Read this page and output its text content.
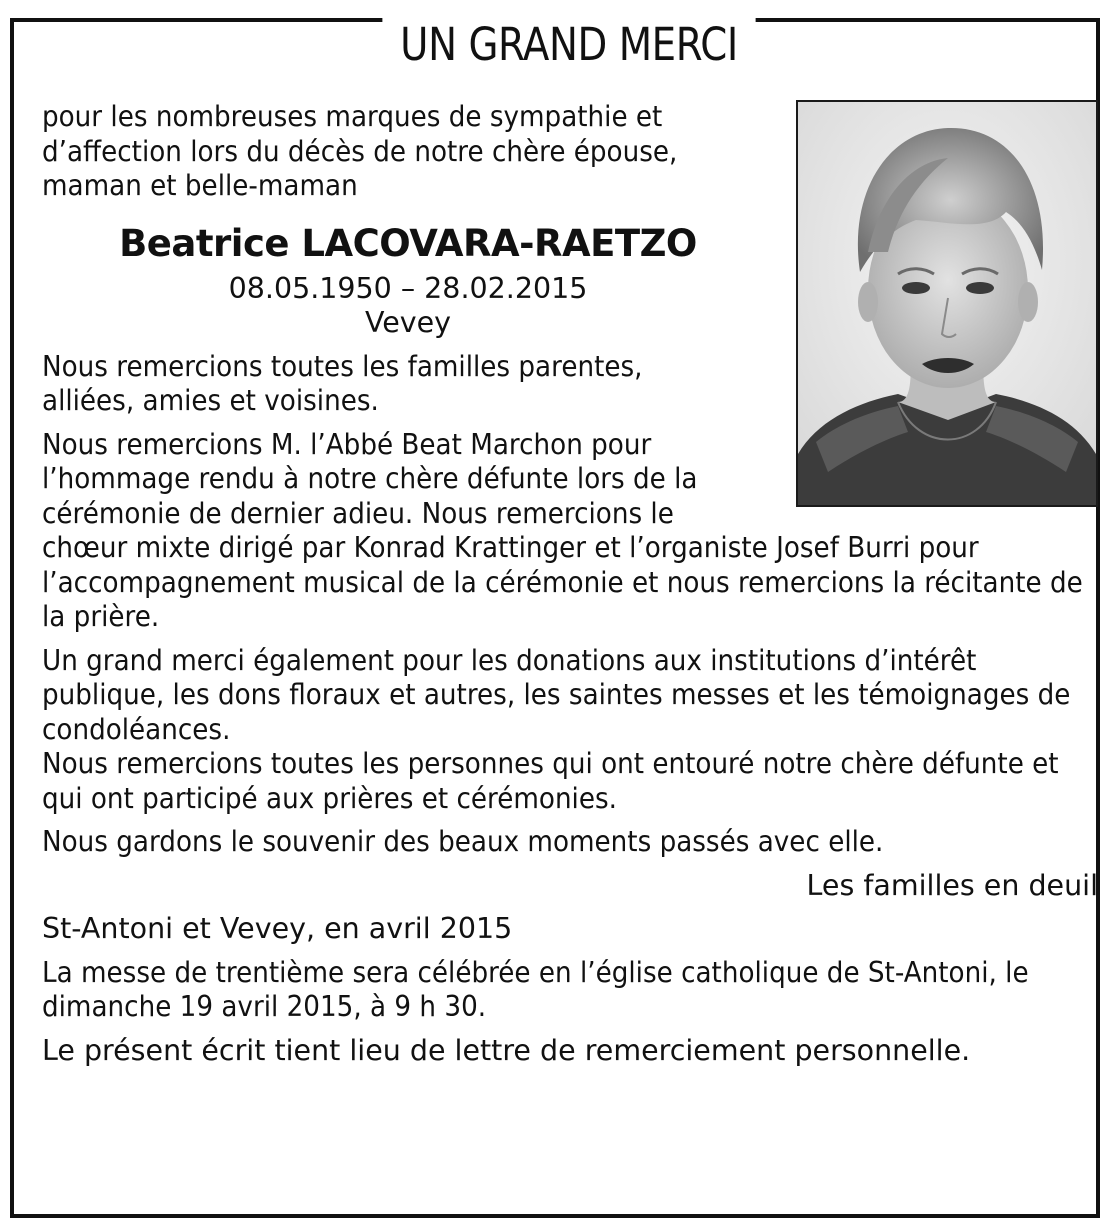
UN GRAND MERCI

pour les nombreuses marques de sympathie et d’affection lors du décès de notre chère épouse, maman et belle-maman

Beatrice LACOVARA-RAETZO

08.05.1950 – 28.02.2015

Vevey

Nous remercions toutes les familles parentes, alliées, amies et voisines.

Nous remercions M. l’Abbé Beat Marchon pour l’hommage rendu à notre chère défunte lors de la cérémonie de dernier adieu. Nous remercions le chœur mixte dirigé par Konrad Krattinger et l’organiste Josef Burri pour l’accompagnement musical de la cérémonie et nous remercions la récitante de la prière.

Un grand merci également pour les donations aux institutions d’intérêt publique, les dons floraux et autres, les saintes messes et les témoignages de condoléances.

Nous remercions toutes les personnes qui ont entouré notre chère défunte et qui ont participé aux prières et cérémonies.

Nous gardons le souvenir des beaux moments passés avec elle.

Les familles en deuil

St-Antoni et Vevey, en avril 2015

La messe de trentième sera célébrée en l’église catholique de St-Antoni, le dimanche 19 avril 2015, à 9 h 30.

Le présent écrit tient lieu de lettre de remerciement personnelle.
